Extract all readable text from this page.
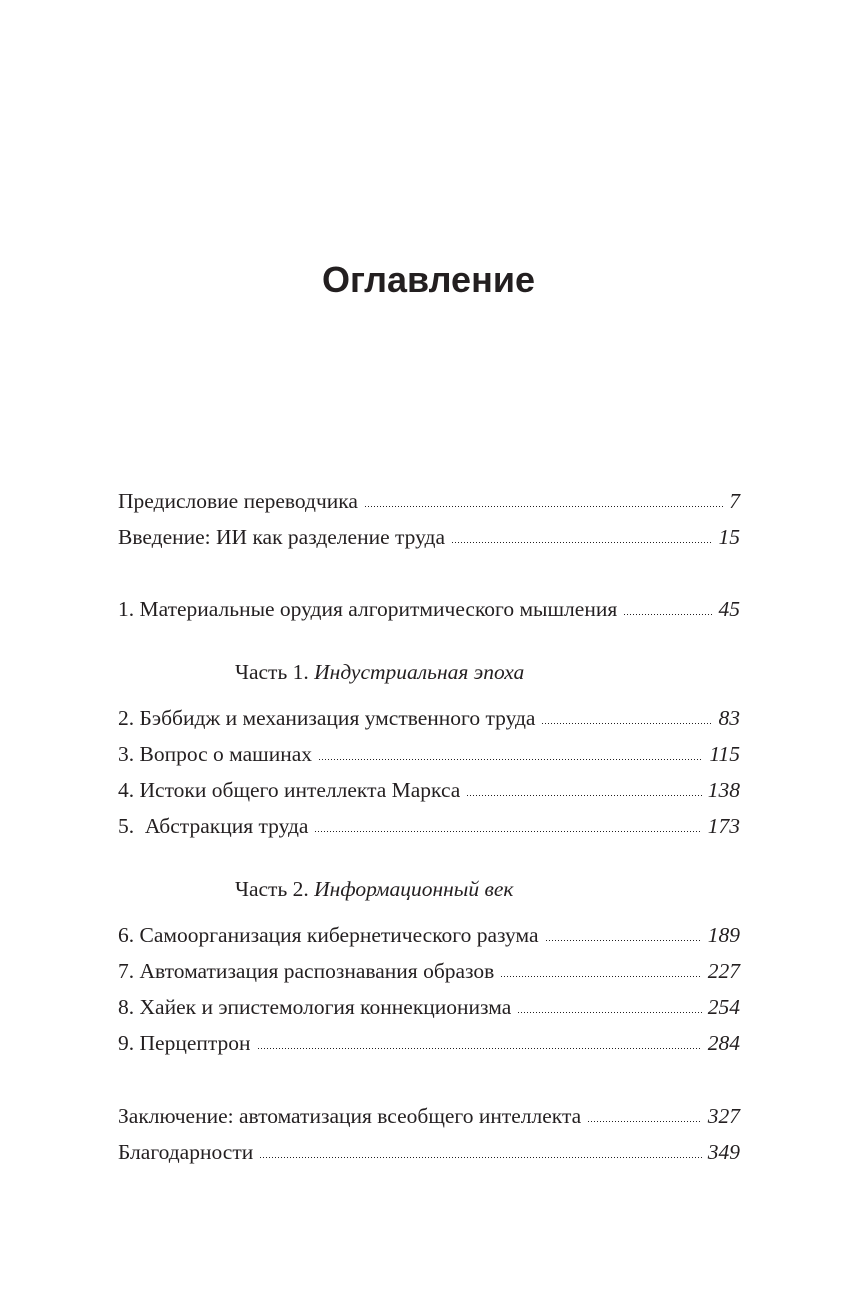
Оглавление
Предисловие переводчика	7
Введение: ИИ как разделение труда	15
1. Материальные орудия алгоритмического мышления	45
Часть 1. Индустриальная эпоха
2. Бэббидж и механизация умственного труда	83
3. Вопрос о машинах	115
4. Истоки общего интеллекта Маркса	138
5.  Абстракция труда	173
Часть 2. Информационный век
6. Самоорганизация кибернетического разума	189
7. Автоматизация распознавания образов	227
8. Хайек и эпистемология коннекционизма	254
9. Перцептрон	284
Заключение: автоматизация всеобщего интеллекта	327
Благодарности	349
